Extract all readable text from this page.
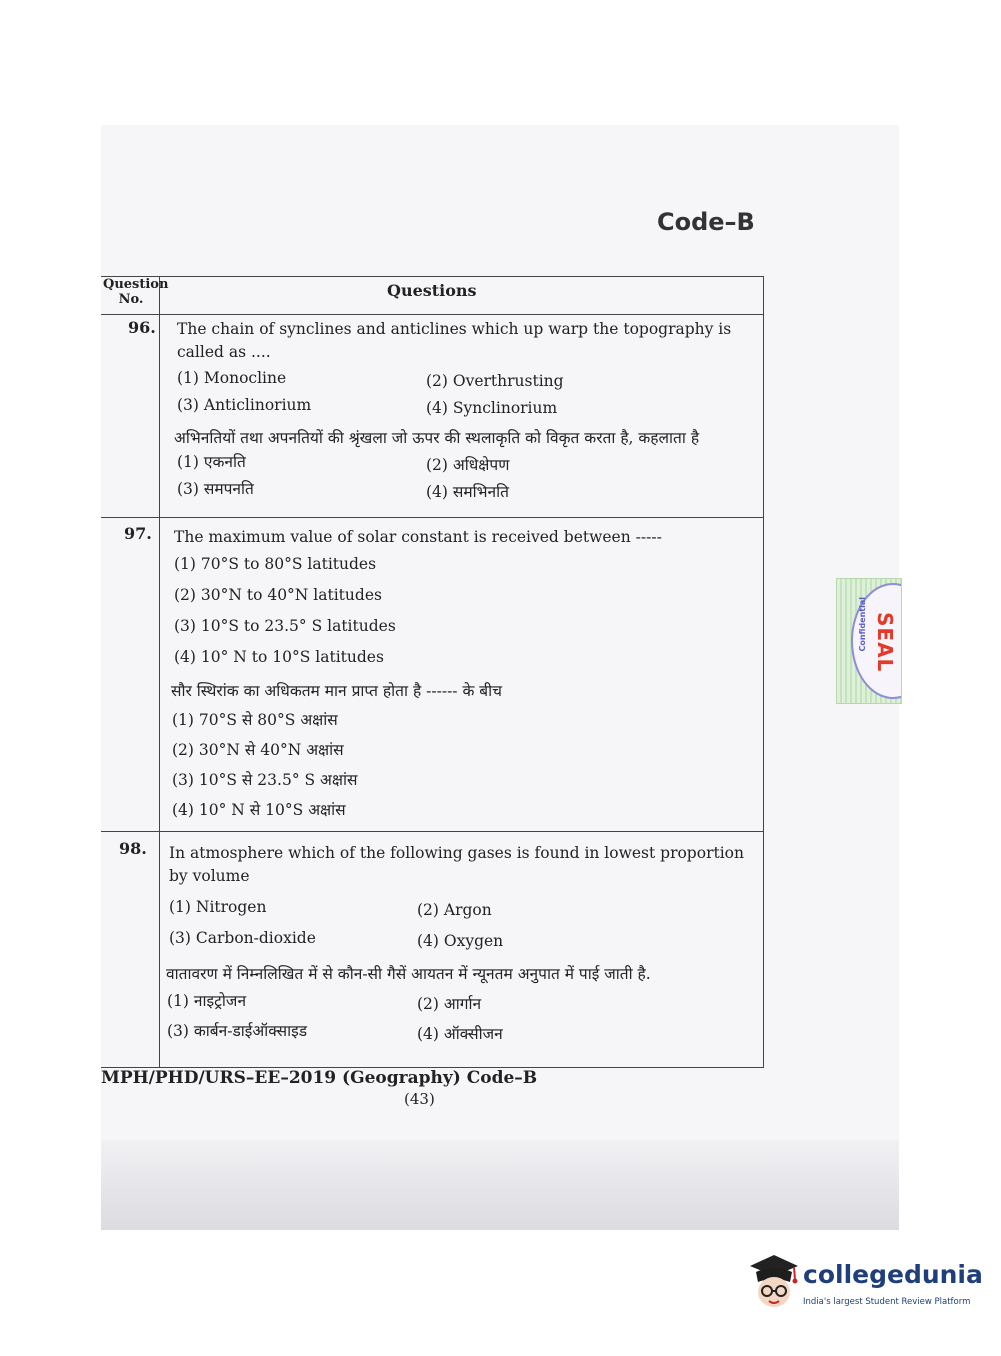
Code–B
Question No.	Questions
96. The chain of synclines and anticlines which up warp the topography is called as ....
(1) Monocline	(2) Overthrusting
(3) Anticlinorium	(4) Synclinorium
अभिनतियों तथा अपनतियों की श्रृंखला जो ऊपर की स्थलाकृति को विकृत करता है, कहलाता है
(1) एकनति	(2) अधिक्षेपण
(3) समपनति	(4) समभिनति
97. The maximum value of solar constant is received between -----
(1) 70°S to 80°S latitudes
(2) 30°N to 40°N latitudes
(3) 10°S to 23.5° S latitudes
(4) 10° N to 10°S latitudes
सौर स्थिरांक का अधिकतम मान प्राप्त होता है ------ के बीच
(1) 70°S से 80°S अक्षांस
(2) 30°N से 40°N अक्षांस
(3) 10°S से 23.5° S अक्षांस
(4) 10° N से 10°S अक्षांस
98. In atmosphere which of the following gases is found in lowest proportion by volume
(1) Nitrogen	(2) Argon
(3) Carbon-dioxide	(4) Oxygen
वातावरण में निम्नलिखित में से कौन-सी गैसें आयतन में न्यूनतम अनुपात में पाई जाती है.
(1) नाइट्रोजन	(2) आर्गान
(3) कार्बन-डाईऑक्साइड	(4) ऑक्सीजन
MPH/PHD/URS–EE–2019 (Geography) Code–B
(43)
Confidential SEAL
collegedunia
India's largest Student Review Platform
